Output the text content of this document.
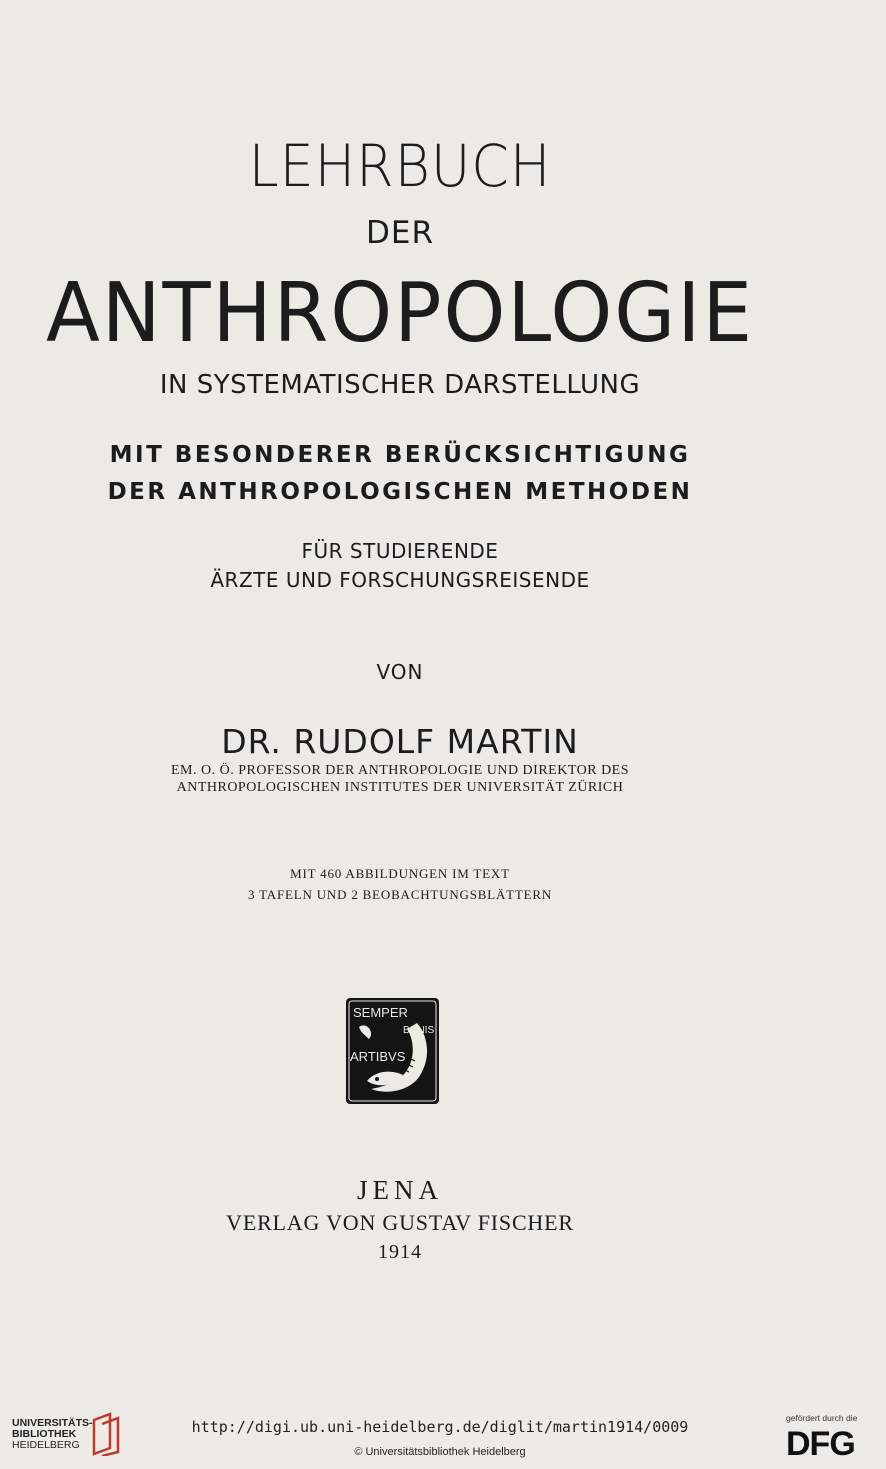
LEHRBUCH
DER
ANTHROPOLOGIE
IN SYSTEMATISCHER DARSTELLUNG
MIT BESONDERER BERÜCKSICHTIGUNG
DER ANTHROPOLOGISCHEN METHODEN
FÜR STUDIERENDE
ÄRZTE UND FORSCHUNGSREISENDE
VON
DR. RUDOLF MARTIN
EM. O. Ö. PROFESSOR DER ANTHROPOLOGIE UND DIREKTOR DES
ANTHROPOLOGISCHEN INSTITUTES DER UNIVERSITÄT ZÜRICH
MIT 460 ABBILDUNGEN IM TEXT
3 TAFELN UND 2 BEOBACHTUNGSBLÄTTERN
SEMPER
BONIS
ARTIBVS
JENA
VERLAG VON GUSTAV FISCHER
1914
UNIVERSITÄTS-
BIBLIOTHEK
HEIDELBERG
http://digi.ub.uni-heidelberg.de/diglit/martin1914/0009
© Universitätsbibliothek Heidelberg
gefördert durch die
DFG
